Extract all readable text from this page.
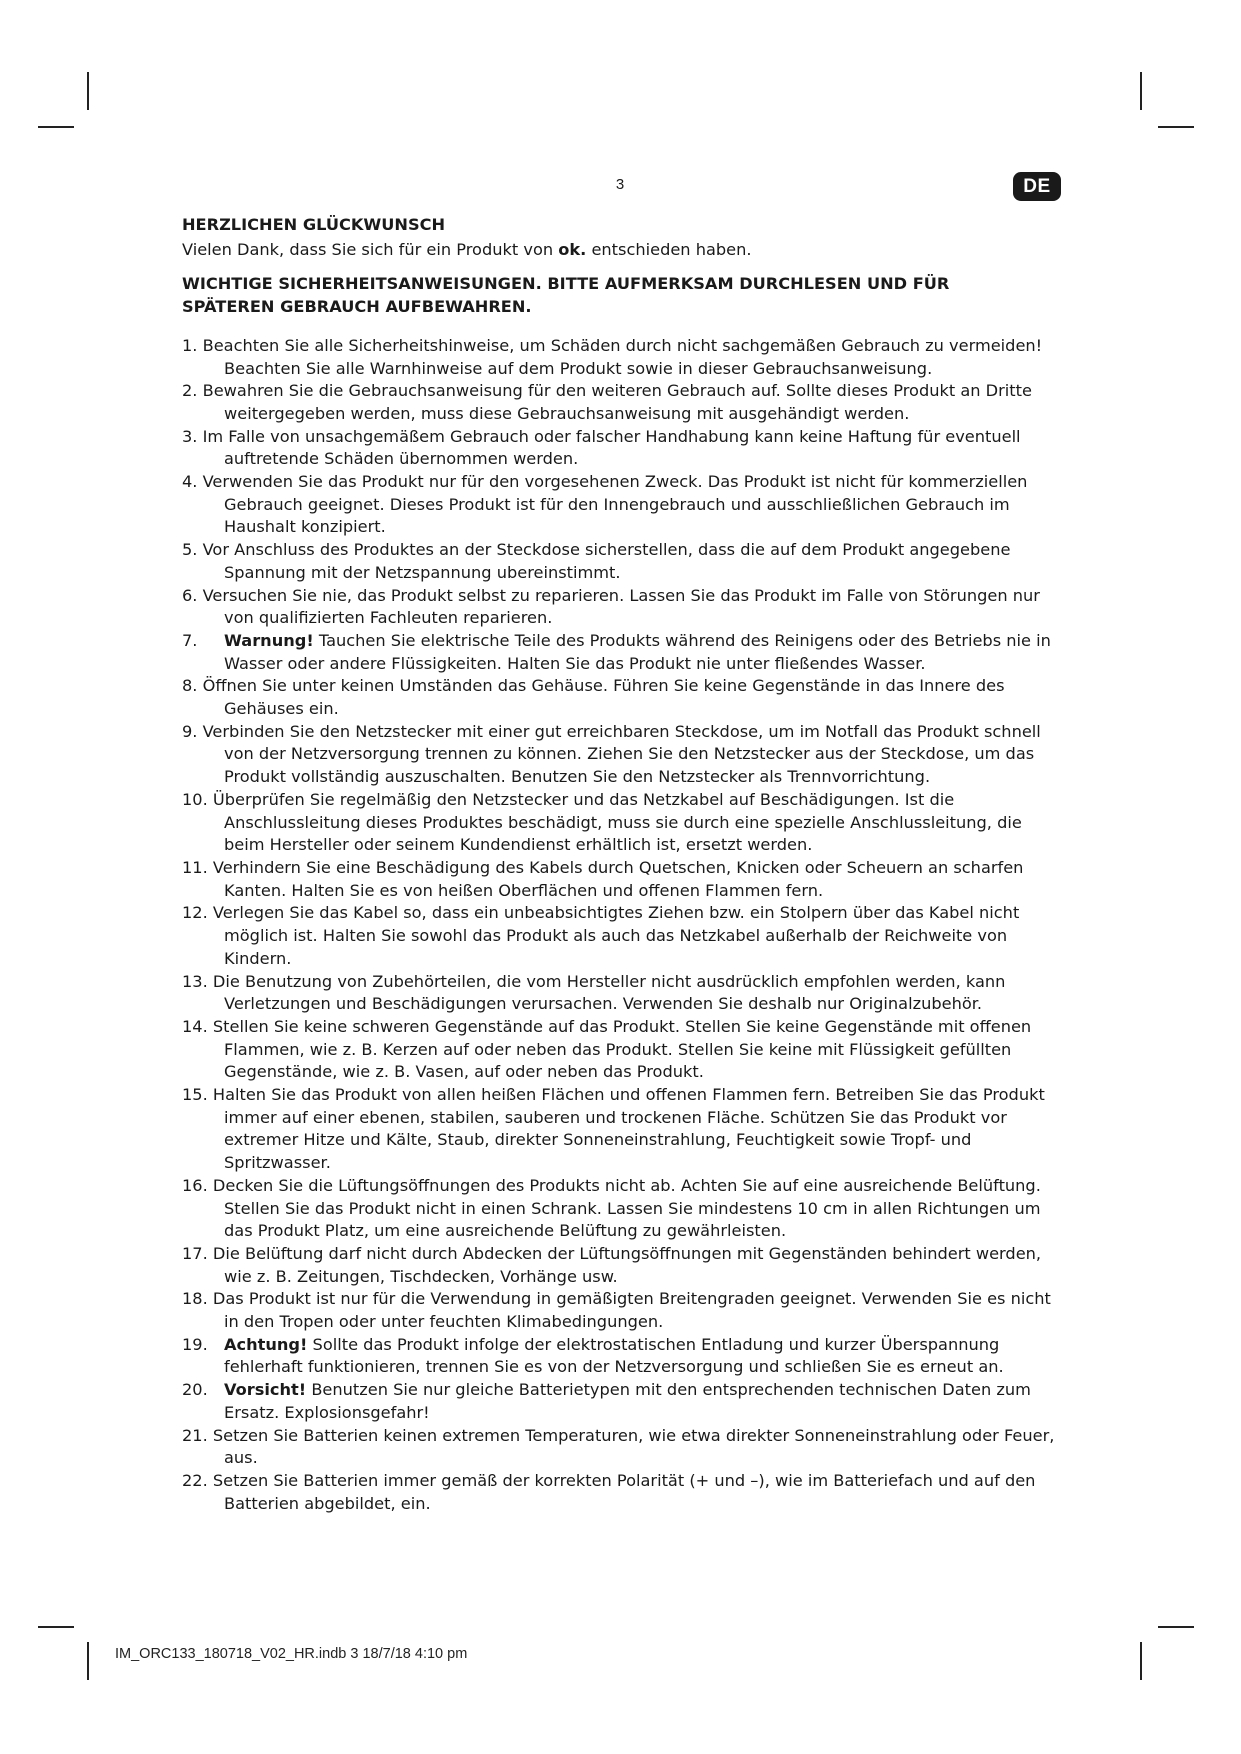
3	DE
HERZLICHEN GLÜCKWUNSCH

Vielen Dank, dass Sie sich für ein Produkt von ok. entschieden haben.

WICHTIGE SICHERHEITSANWEISUNGEN. BITTE AUFMERKSAM DURCHLESEN UND FÜR
SPÄTEREN GEBRAUCH AUFBEWAHREN.
1. Beachten Sie alle Sicherheitshinweise, um Schäden durch nicht sachgemäßen Gebrauch zu vermeiden! Beachten Sie alle Warnhinweise auf dem Produkt sowie in dieser Gebrauchsanweisung.
2. Bewahren Sie die Gebrauchsanweisung für den weiteren Gebrauch auf. Sollte dieses Produkt an Dritte weitergegeben werden, muss diese Gebrauchsanweisung mit ausgehändigt werden.
3. Im Falle von unsachgemäßem Gebrauch oder falscher Handhabung kann keine Haftung für eventuell auftretende Schäden übernommen werden.
4. Verwenden Sie das Produkt nur für den vorgesehenen Zweck. Das Produkt ist nicht für kommerziellen Gebrauch geeignet. Dieses Produkt ist für den Innengebrauch und ausschließlichen Gebrauch im Haushalt konzipiert.
5. Vor Anschluss des Produktes an der Steckdose sicherstellen, dass die auf dem Produkt angegebene Spannung mit der Netzspannung ubereinstimmt.
6. Versuchen Sie nie, das Produkt selbst zu reparieren. Lassen Sie das Produkt im Falle von Störungen nur von qualifizierten Fachleuten reparieren.
7. Warnung! Tauchen Sie elektrische Teile des Produkts während des Reinigens oder des Betriebs nie in Wasser oder andere Flüssigkeiten. Halten Sie das Produkt nie unter fließendes Wasser.
8. Öffnen Sie unter keinen Umständen das Gehäuse. Führen Sie keine Gegenstände in das Innere des Gehäuses ein.
9. Verbinden Sie den Netzstecker mit einer gut erreichbaren Steckdose, um im Notfall das Produkt schnell von der Netzversorgung trennen zu können. Ziehen Sie den Netzstecker aus der Steckdose, um das Produkt vollständig auszuschalten. Benutzen Sie den Netzstecker als Trennvorrichtung.
10. Überprüfen Sie regelmäßig den Netzstecker und das Netzkabel auf Beschädigungen. Ist die Anschlussleitung dieses Produktes beschädigt, muss sie durch eine spezielle Anschlussleitung, die beim Hersteller oder seinem Kundendienst erhältlich ist, ersetzt werden.
11. Verhindern Sie eine Beschädigung des Kabels durch Quetschen, Knicken oder Scheuern an scharfen Kanten. Halten Sie es von heißen Oberflächen und offenen Flammen fern.
12. Verlegen Sie das Kabel so, dass ein unbeabsichtigtes Ziehen bzw. ein Stolpern über das Kabel nicht möglich ist. Halten Sie sowohl das Produkt als auch das Netzkabel außerhalb der Reichweite von Kindern.
13. Die Benutzung von Zubehörteilen, die vom Hersteller nicht ausdrücklich empfohlen werden, kann Verletzungen und Beschädigungen verursachen. Verwenden Sie deshalb nur Originalzubehör.
14. Stellen Sie keine schweren Gegenstände auf das Produkt. Stellen Sie keine Gegenstände mit offenen Flammen, wie z. B. Kerzen auf oder neben das Produkt. Stellen Sie keine mit Flüssigkeit gefüllten Gegenstände, wie z. B. Vasen, auf oder neben das Produkt.
15. Halten Sie das Produkt von allen heißen Flächen und offenen Flammen fern. Betreiben Sie das Produkt immer auf einer ebenen, stabilen, sauberen und trockenen Fläche. Schützen Sie das Produkt vor extremer Hitze und Kälte, Staub, direkter Sonneneinstrahlung, Feuchtigkeit sowie Tropf- und Spritzwasser.
16. Decken Sie die Lüftungsöffnungen des Produkts nicht ab. Achten Sie auf eine ausreichende Belüftung. Stellen Sie das Produkt nicht in einen Schrank. Lassen Sie mindestens 10 cm in allen Richtungen um das Produkt Platz, um eine ausreichende Belüftung zu gewährleisten.
17. Die Belüftung darf nicht durch Abdecken der Lüftungsöffnungen mit Gegenständen behindert werden, wie z. B. Zeitungen, Tischdecken, Vorhänge usw.
18. Das Produkt ist nur für die Verwendung in gemäßigten Breitengraden geeignet. Verwenden Sie es nicht in den Tropen oder unter feuchten Klimabedingungen.
19. Achtung! Sollte das Produkt infolge der elektrostatischen Entladung und kurzer Überspannung fehlerhaft funktionieren, trennen Sie es von der Netzversorgung und schließen Sie es erneut an.
20. Vorsicht! Benutzen Sie nur gleiche Batterietypen mit den entsprechenden technischen Daten zum Ersatz. Explosionsgefahr!
21. Setzen Sie Batterien keinen extremen Temperaturen, wie etwa direkter Sonneneinstrahlung oder Feuer, aus.
22. Setzen Sie Batterien immer gemäß der korrekten Polarität (+ und –), wie im Batteriefach und auf den Batterien abgebildet, ein.
IM_ORC133_180718_V02_HR.indb 3 18/7/18 4:10 pm
